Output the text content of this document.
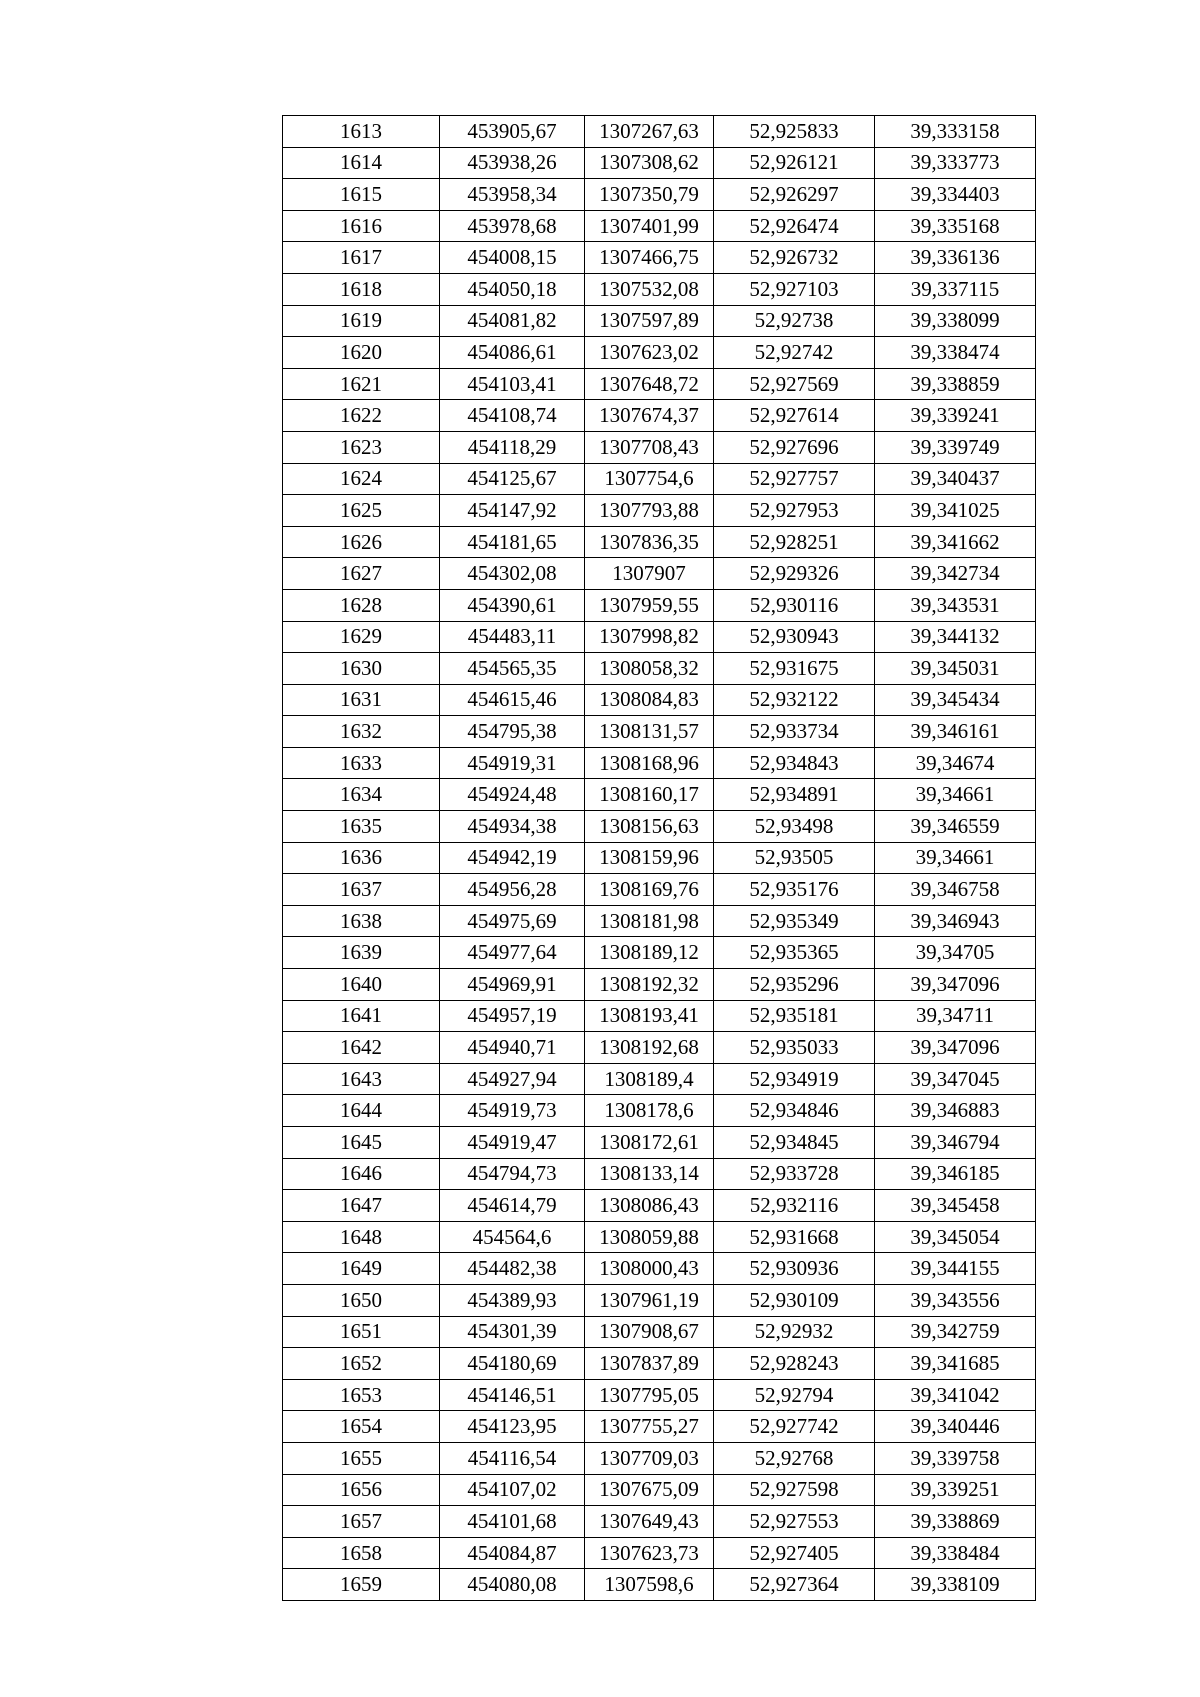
1613	453905,67	1307267,63	52,925833	39,333158
1614	453938,26	1307308,62	52,926121	39,333773
1615	453958,34	1307350,79	52,926297	39,334403
1616	453978,68	1307401,99	52,926474	39,335168
1617	454008,15	1307466,75	52,926732	39,336136
1618	454050,18	1307532,08	52,927103	39,337115
1619	454081,82	1307597,89	52,92738	39,338099
1620	454086,61	1307623,02	52,92742	39,338474
1621	454103,41	1307648,72	52,927569	39,338859
1622	454108,74	1307674,37	52,927614	39,339241
1623	454118,29	1307708,43	52,927696	39,339749
1624	454125,67	1307754,6	52,927757	39,340437
1625	454147,92	1307793,88	52,927953	39,341025
1626	454181,65	1307836,35	52,928251	39,341662
1627	454302,08	1307907	52,929326	39,342734
1628	454390,61	1307959,55	52,930116	39,343531
1629	454483,11	1307998,82	52,930943	39,344132
1630	454565,35	1308058,32	52,931675	39,345031
1631	454615,46	1308084,83	52,932122	39,345434
1632	454795,38	1308131,57	52,933734	39,346161
1633	454919,31	1308168,96	52,934843	39,34674
1634	454924,48	1308160,17	52,934891	39,34661
1635	454934,38	1308156,63	52,93498	39,346559
1636	454942,19	1308159,96	52,93505	39,34661
1637	454956,28	1308169,76	52,935176	39,346758
1638	454975,69	1308181,98	52,935349	39,346943
1639	454977,64	1308189,12	52,935365	39,34705
1640	454969,91	1308192,32	52,935296	39,347096
1641	454957,19	1308193,41	52,935181	39,34711
1642	454940,71	1308192,68	52,935033	39,347096
1643	454927,94	1308189,4	52,934919	39,347045
1644	454919,73	1308178,6	52,934846	39,346883
1645	454919,47	1308172,61	52,934845	39,346794
1646	454794,73	1308133,14	52,933728	39,346185
1647	454614,79	1308086,43	52,932116	39,345458
1648	454564,6	1308059,88	52,931668	39,345054
1649	454482,38	1308000,43	52,930936	39,344155
1650	454389,93	1307961,19	52,930109	39,343556
1651	454301,39	1307908,67	52,92932	39,342759
1652	454180,69	1307837,89	52,928243	39,341685
1653	454146,51	1307795,05	52,92794	39,341042
1654	454123,95	1307755,27	52,927742	39,340446
1655	454116,54	1307709,03	52,92768	39,339758
1656	454107,02	1307675,09	52,927598	39,339251
1657	454101,68	1307649,43	52,927553	39,338869
1658	454084,87	1307623,73	52,927405	39,338484
1659	454080,08	1307598,6	52,927364	39,338109
